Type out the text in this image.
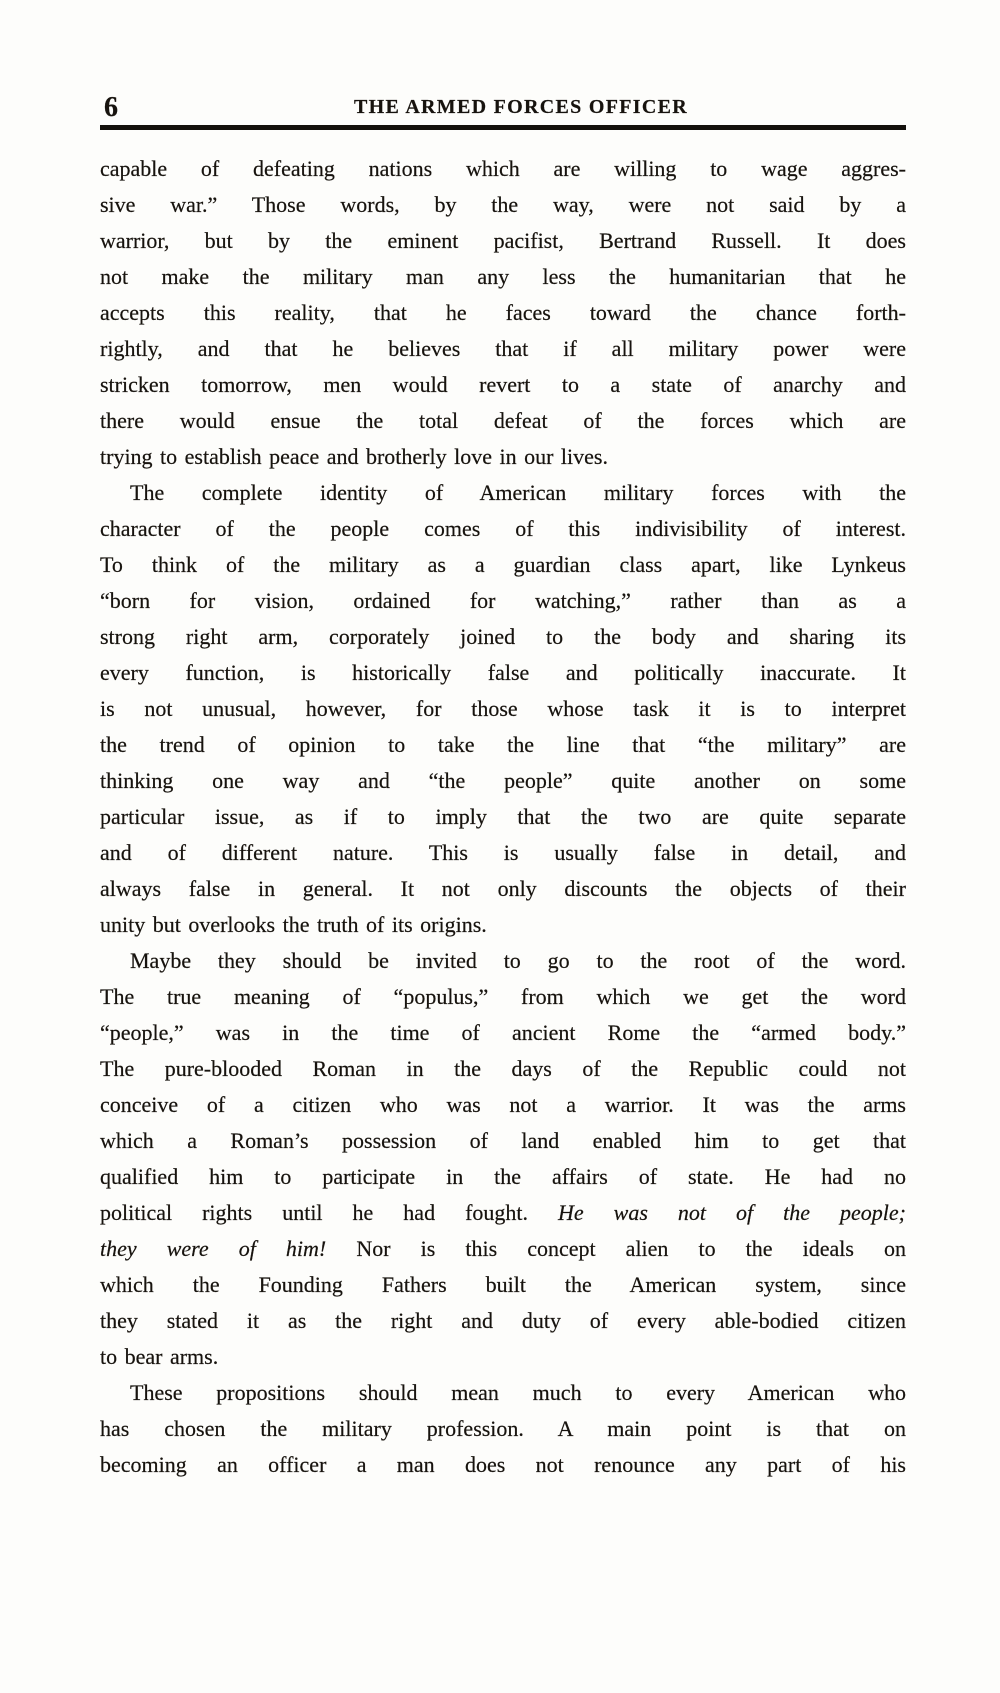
6	THE ARMED FORCES OFFICER
capable of defeating nations which are willing to wage aggres-
sive war.” Those words, by the way, were not said by a
warrior, but by the eminent pacifist, Bertrand Russell. It does
not make the military man any less the humanitarian that he
accepts this reality, that he faces toward the chance forth-
rightly, and that he believes that if all military power were
stricken tomorrow, men would revert to a state of anarchy and
there would ensue the total defeat of the forces which are
trying to establish peace and brotherly love in our lives.
The complete identity of American military forces with the
character of the people comes of this indivisibility of interest.
To think of the military as a guardian class apart, like Lynkeus
“born for vision, ordained for watching,” rather than as a
strong right arm, corporately joined to the body and sharing its
every function, is historically false and politically inaccurate. It
is not unusual, however, for those whose task it is to interpret
the trend of opinion to take the line that “the military” are
thinking one way and “the people” quite another on some
particular issue, as if to imply that the two are quite separate
and of different nature. This is usually false in detail, and
always false in general. It not only discounts the objects of their
unity but overlooks the truth of its origins.
Maybe they should be invited to go to the root of the word.
The true meaning of “populus,” from which we get the word
“people,” was in the time of ancient Rome the “armed body.”
The pure-blooded Roman in the days of the Republic could not
conceive of a citizen who was not a warrior. It was the arms
which a Roman’s possession of land enabled him to get that
qualified him to participate in the affairs of state. He had no
political rights until he had fought. He was not of the people;
they were of him! Nor is this concept alien to the ideals on
which the Founding Fathers built the American system, since
they stated it as the right and duty of every able-bodied citizen
to bear arms.
These propositions should mean much to every American who
has chosen the military profession. A main point is that on
becoming an officer a man does not renounce any part of his
